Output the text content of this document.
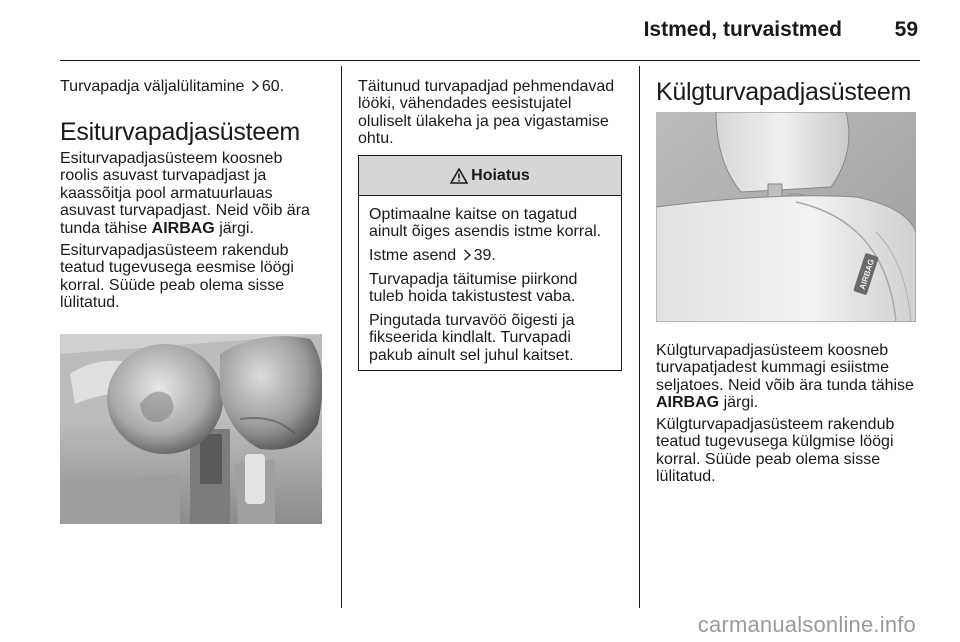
Istmed, turvaistmed	59
Turvapadja väljalülitamine 60.
Esiturvapadjasüsteem
Esiturvapadjasüsteem koosneb
roolis asuvast turvapadjast ja
kaassõitja pool armatuurlauas
asuvast turvapadjast. Neid võib ära
tunda tähise AIRBAG järgi.
Esiturvapadjasüsteem rakendub
teatud tugevusega eesmise löögi
korral. Süüde peab olema sisse
lülitatud.
Täitunud turvapadjad pehmendavad
lööki, vähendades eesistujatel
oluliselt ülakeha ja pea vigastamise
ohtu.
Hoiatus
Optimaalne kaitse on tagatud
ainult õiges asendis istme korral.
Istme asend 39.
Turvapadja täitumise piirkond
tuleb hoida takistustest vaba.
Pingutada turvavöö õigesti ja
fikseerida kindlalt. Turvapadi
pakub ainult sel juhul kaitset.
Külgturvapadjasüsteem
AIRBAG
Külgturvapadjasüsteem koosneb
turvapatjadest kummagi esiistme
seljatoes. Neid võib ära tunda tähise
AIRBAG järgi.
Külgturvapadjasüsteem rakendub
teatud tugevusega külgmise löögi
korral. Süüde peab olema sisse
lülitatud.
carmanualsonline.info
